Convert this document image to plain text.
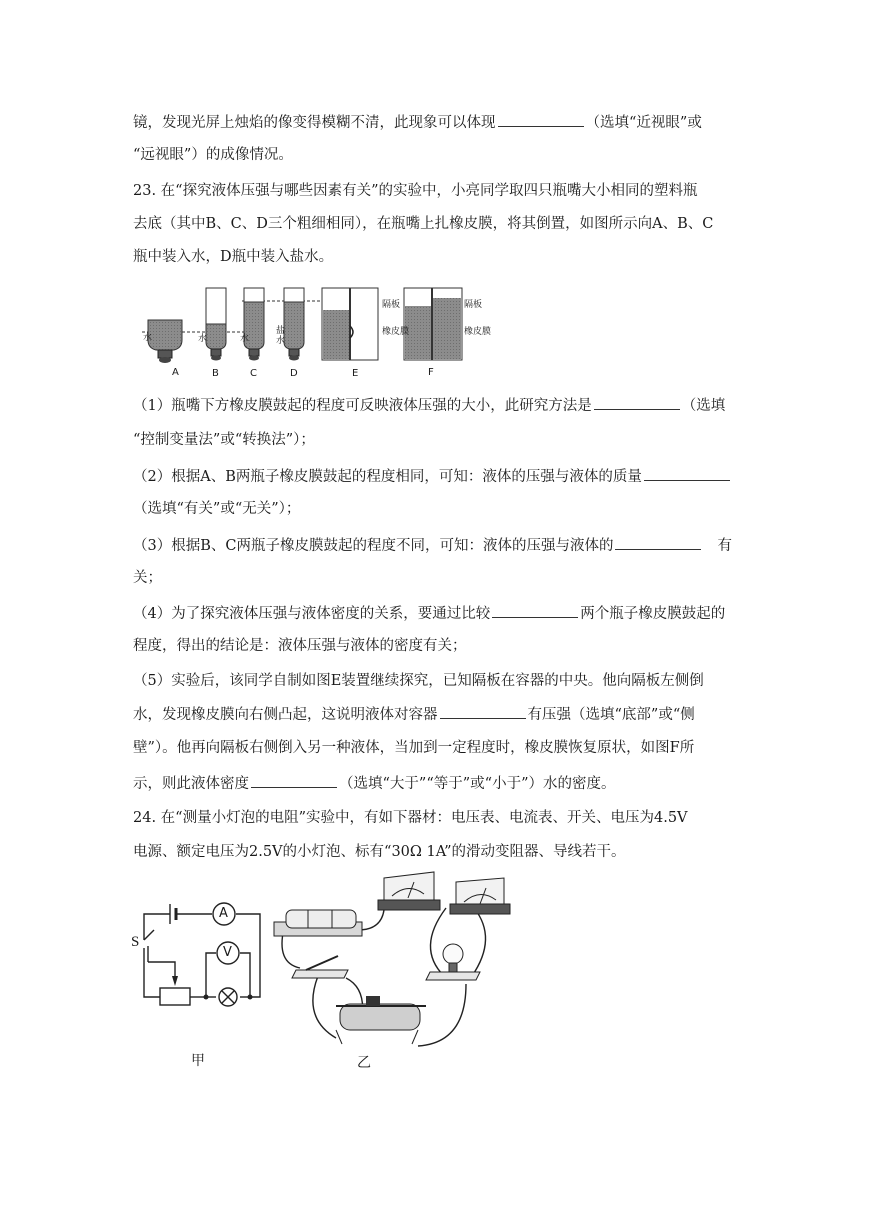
镜，发现光屏上烛焰的像变得模糊不清，此现象可以体现	（选填“近视眼”或
“远视眼”）的成像情况。
23. 在“探究液体压强与哪些因素有关”的实验中，小亮同学取四只瓶嘴大小相同的塑料瓶
去底（其中B、C、D三个粗细相同），在瓶嘴上扎橡皮膜，将其倒置，如图所示向A、B、C
瓶中装入水，D瓶中装入盐水。
水	水	水
盐
水
隔板
橡皮膜
隔板
橡皮膜
A	B	C	D	E	F
（1）瓶嘴下方橡皮膜鼓起的程度可反映液体压强的大小，此研究方法是	（选填
“控制变量法”或“转换法”）；
（2）根据A、B两瓶子橡皮膜鼓起的程度相同，可知：液体的压强与液体的质量
（选填“有关”或“无关”）；
（3）根据B、C两瓶子橡皮膜鼓起的程度不同，可知：液体的压强与液体的	有
关；
（4）为了探究液体压强与液体密度的关系，要通过比较	两个瓶子橡皮膜鼓起的
程度，得出的结论是：液体压强与液体的密度有关；
（5）实验后，该同学自制如图E装置继续探究，已知隔板在容器的中央。他向隔板左侧倒
水，发现橡皮膜向右侧凸起，这说明液体对容器	有压强（选填“底部”或“侧
壁”）。他再向隔板右侧倒入另一种液体，当加到一定程度时，橡皮膜恢复原状，如图F所
示，则此液体密度	（选填“大于”“等于”或“小于”）水的密度。
24. 在“测量小灯泡的电阻”实验中，有如下器材：电压表、电流表、开关、电压为4.5V
电源、额定电压为2.5V的小灯泡、标有“30Ω 1A”的滑动变阻器、导线若干。
S
A
V
甲	乙
